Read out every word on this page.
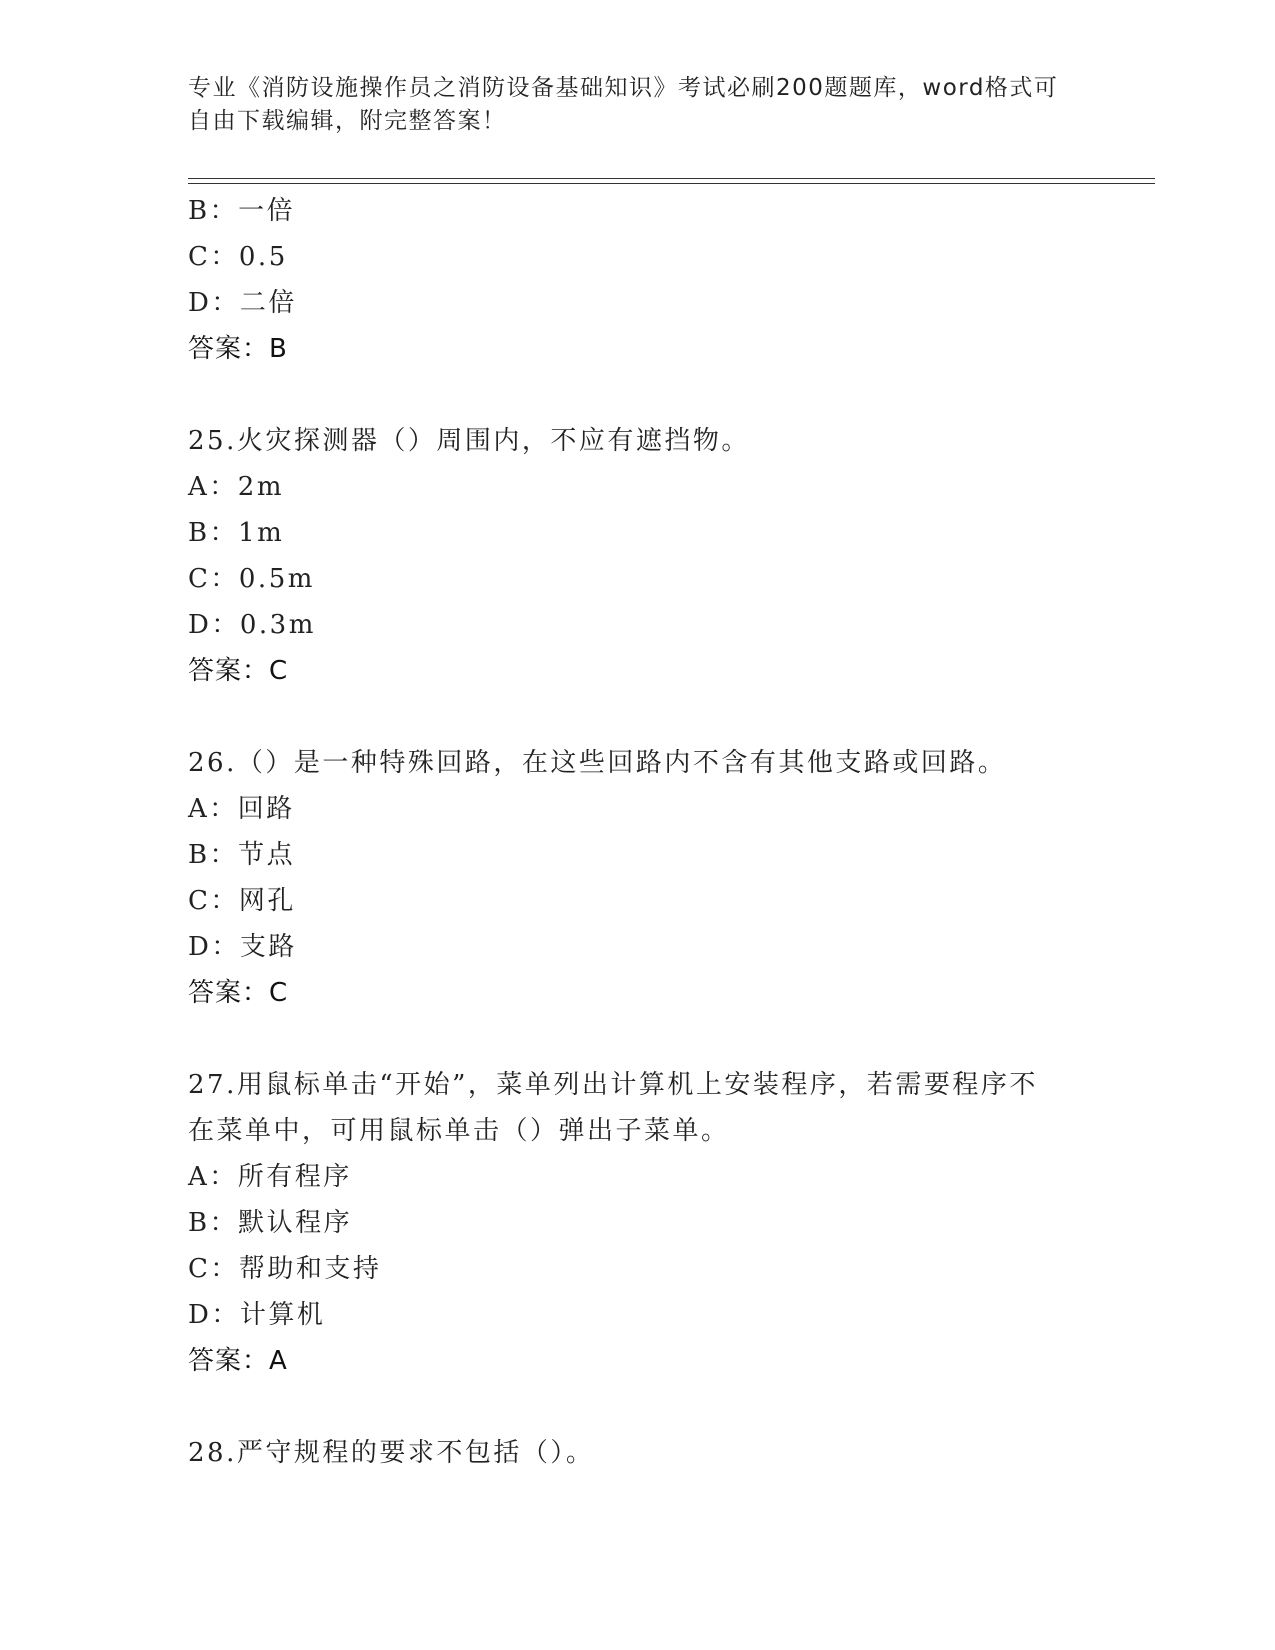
专业《消防设施操作员之消防设备基础知识》考试必刷200题题库，word格式可
自由下载编辑，附完整答案！
B：一倍
C：0.5
D：二倍
答案：B
25.火灾探测器（）周围内，不应有遮挡物。
A：2m
B：1m
C：0.5m
D：0.3m
答案：C
26.（）是一种特殊回路，在这些回路内不含有其他支路或回路。
A：回路
B：节点
C：网孔
D：支路
答案：C
27.用鼠标单击“开始”，菜单列出计算机上安装程序，若需要程序不
在菜单中，可用鼠标单击（）弹出子菜单。
A：所有程序
B：默认程序
C：帮助和支持
D：计算机
答案：A
28.严守规程的要求不包括（）。
